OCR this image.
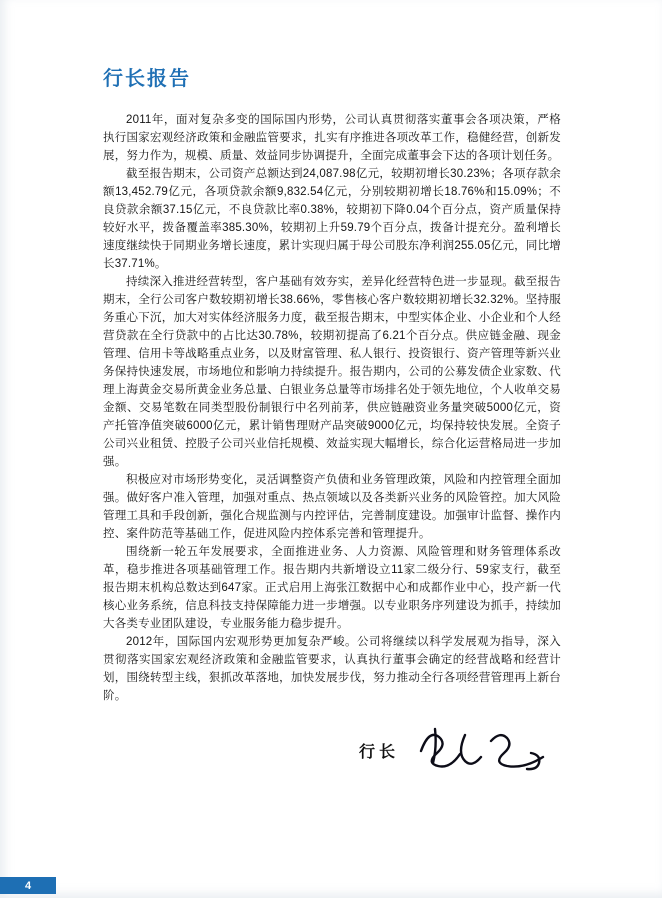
行长报告

2011年，面对复杂多变的国际国内形势，公司认真贯彻落实董事会各项决策，严格执行国家宏观经济政策和金融监管要求，扎实有序推进各项改革工作，稳健经营，创新发展，努力作为，规模、质量、效益同步协调提升，全面完成董事会下达的各项计划任务。

截至报告期末，公司资产总额达到24,087.98亿元，较期初增长30.23%；各项存款余额13,452.79亿元，各项贷款余额9,832.54亿元，分别较期初增长18.76%和15.09%；不良贷款余额37.15亿元，不良贷款比率0.38%，较期初下降0.04个百分点，资产质量保持较好水平，拨备覆盖率385.30%，较期初上升59.79个百分点，拨备计提充分。盈利增长速度继续快于同期业务增长速度，累计实现归属于母公司股东净利润255.05亿元，同比增长37.71%。

持续深入推进经营转型，客户基础有效夯实，差异化经营特色进一步显现。截至报告期末，全行公司客户数较期初增长38.66%，零售核心客户数较期初增长32.32%。坚持服务重心下沉，加大对实体经济服务力度，截至报告期末，中型实体企业、小企业和个人经营贷款在全行贷款中的占比达30.78%，较期初提高了6.21个百分点。供应链金融、现金管理、信用卡等战略重点业务，以及财富管理、私人银行、投资银行、资产管理等新兴业务保持快速发展，市场地位和影响力持续提升。报告期内，公司的公募发债企业家数、代理上海黄金交易所黄金业务总量、白银业务总量等市场排名处于领先地位，个人收单交易金额、交易笔数在同类型股份制银行中名列前茅，供应链融资业务量突破5000亿元，资产托管净值突破6000亿元，累计销售理财产品突破9000亿元，均保持较快发展。全资子公司兴业租赁、控股子公司兴业信托规模、效益实现大幅增长，综合化运营格局进一步加强。

积极应对市场形势变化，灵活调整资产负债和业务管理政策，风险和内控管理全面加强。做好客户准入管理，加强对重点、热点领域以及各类新兴业务的风险管控。加大风险管理工具和手段创新，强化合规监测与内控评估，完善制度建设。加强审计监督、操作内控、案件防范等基础工作，促进风险内控体系完善和管理提升。

围绕新一轮五年发展要求，全面推进业务、人力资源、风险管理和财务管理体系改革，稳步推进各项基础管理工作。报告期内共新增设立11家二级分行、59家支行，截至报告期末机构总数达到647家。正式启用上海张江数据中心和成都作业中心，投产新一代核心业务系统，信息科技支持保障能力进一步增强。以专业职务序列建设为抓手，持续加大各类专业团队建设，专业服务能力稳步提升。

2012年，国际国内宏观形势更加复杂严峻。公司将继续以科学发展观为指导，深入贯彻落实国家宏观经济政策和金融监管要求，认真执行董事会确定的经营战略和经营计划，围绕转型主线，狠抓改革落地，加快发展步伐，努力推动全行各项经营管理再上新台阶。

行长
4
